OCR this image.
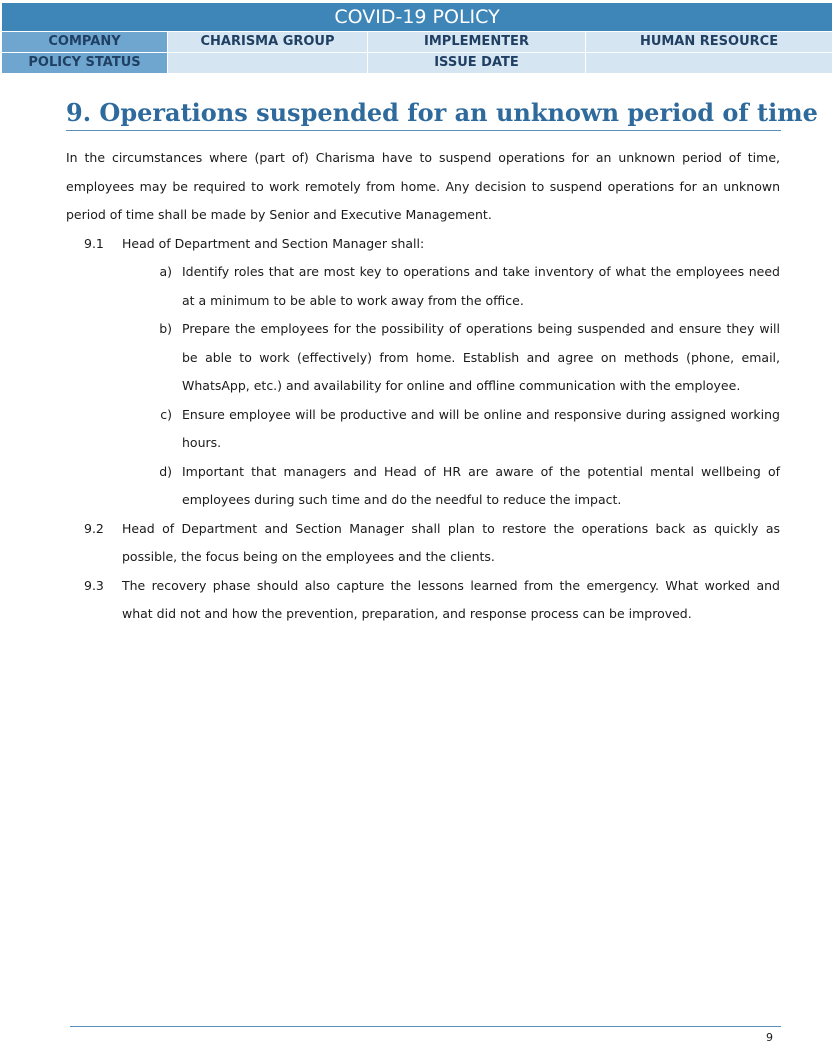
COVID-19 POLICY			
COMPANY	CHARISMA GROUP	IMPLEMENTER	HUMAN RESOURCE
POLICY STATUS		ISSUE DATE	
9. Operations suspended for an unknown period of time

In the circumstances where (part of) Charisma have to suspend operations for an unknown period of time, employees may be required to work remotely from home. Any decision to suspend operations for an unknown period of time shall be made by Senior and Executive Management.

9.1	Head of Department and Section Manager shall:
a) Identify roles that are most key to operations and take inventory of what the employees need at a minimum to be able to work away from the office.
b) Prepare the employees for the possibility of operations being suspended and ensure they will be able to work (effectively) from home. Establish and agree on methods (phone, email, WhatsApp, etc.) and availability for online and offline communication with the employee.
c) Ensure employee will be productive and will be online and responsive during assigned working hours.
d) Important that managers and Head of HR are aware of the potential mental wellbeing of employees during such time and do the needful to reduce the impact.
9.2	Head of Department and Section Manager shall plan to restore the operations back as quickly as possible, the focus being on the employees and the clients.
9.3	The recovery phase should also capture the lessons learned from the emergency. What worked and what did not and how the prevention, preparation, and response process can be improved.
9
